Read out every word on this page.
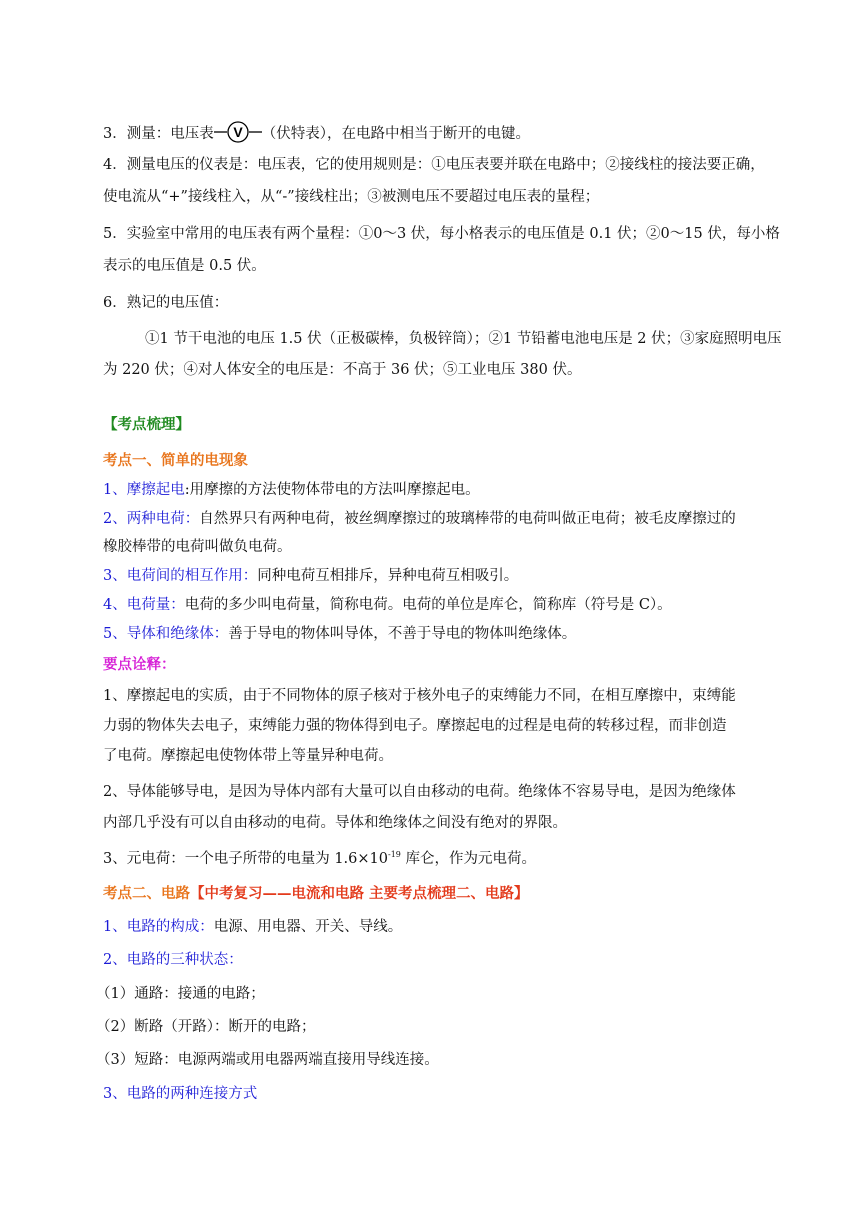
3．测量：电压表 V （伏特表），在电路中相当于断开的电键。
4．测量电压的仪表是：电压表，它的使用规则是：①电压表要并联在电路中；②接线柱的接法要正确，
使电流从“+”接线柱入，从“-”接线柱出；③被测电压不要超过电压表的量程；
5．实验室中常用的电压表有两个量程：①0～3 伏，每小格表示的电压值是 0.1 伏；②0～15 伏，每小格
表示的电压值是 0.5 伏。
6．熟记的电压值：
①1 节干电池的电压 1.5 伏（正极碳棒，负极锌筒）；②1 节铅蓄电池电压是 2 伏；③家庭照明电压
为 220 伏；④对人体安全的电压是：不高于 36 伏；⑤工业电压 380 伏。
【考点梳理】
考点一、简单的电现象
1、摩擦起电:用摩擦的方法使物体带电的方法叫摩擦起电。
2、两种电荷：自然界只有两种电荷，被丝绸摩擦过的玻璃棒带的电荷叫做正电荷；被毛皮摩擦过的
橡胶棒带的电荷叫做负电荷。
3、电荷间的相互作用：同种电荷互相排斥，异种电荷互相吸引。
4、电荷量：电荷的多少叫电荷量，简称电荷。电荷的单位是库仑，简称库（符号是 C）。
5、导体和绝缘体：善于导电的物体叫导体，不善于导电的物体叫绝缘体。
要点诠释：
1、摩擦起电的实质，由于不同物体的原子核对于核外电子的束缚能力不同，在相互摩擦中，束缚能
力弱的物体失去电子，束缚能力强的物体得到电子。摩擦起电的过程是电荷的转移过程，而非创造
了电荷。摩擦起电使物体带上等量异种电荷。
2、导体能够导电，是因为导体内部有大量可以自由移动的电荷。绝缘体不容易导电，是因为绝缘体
内部几乎没有可以自由移动的电荷。导体和绝缘体之间没有绝对的界限。
3、元电荷：一个电子所带的电量为 $1.6\times 10^{-19}$ 库仑，作为元电荷。
考点二、电路【中考复习——电流和电路 主要考点梳理二、电路】
1、电路的构成：电源、用电器、开关、导线。
2、电路的三种状态：
（1）通路：接通的电路；
（2）断路（开路）：断开的电路；
（3）短路：电源两端或用电器两端直接用导线连接。
3、电路的两种连接方式
